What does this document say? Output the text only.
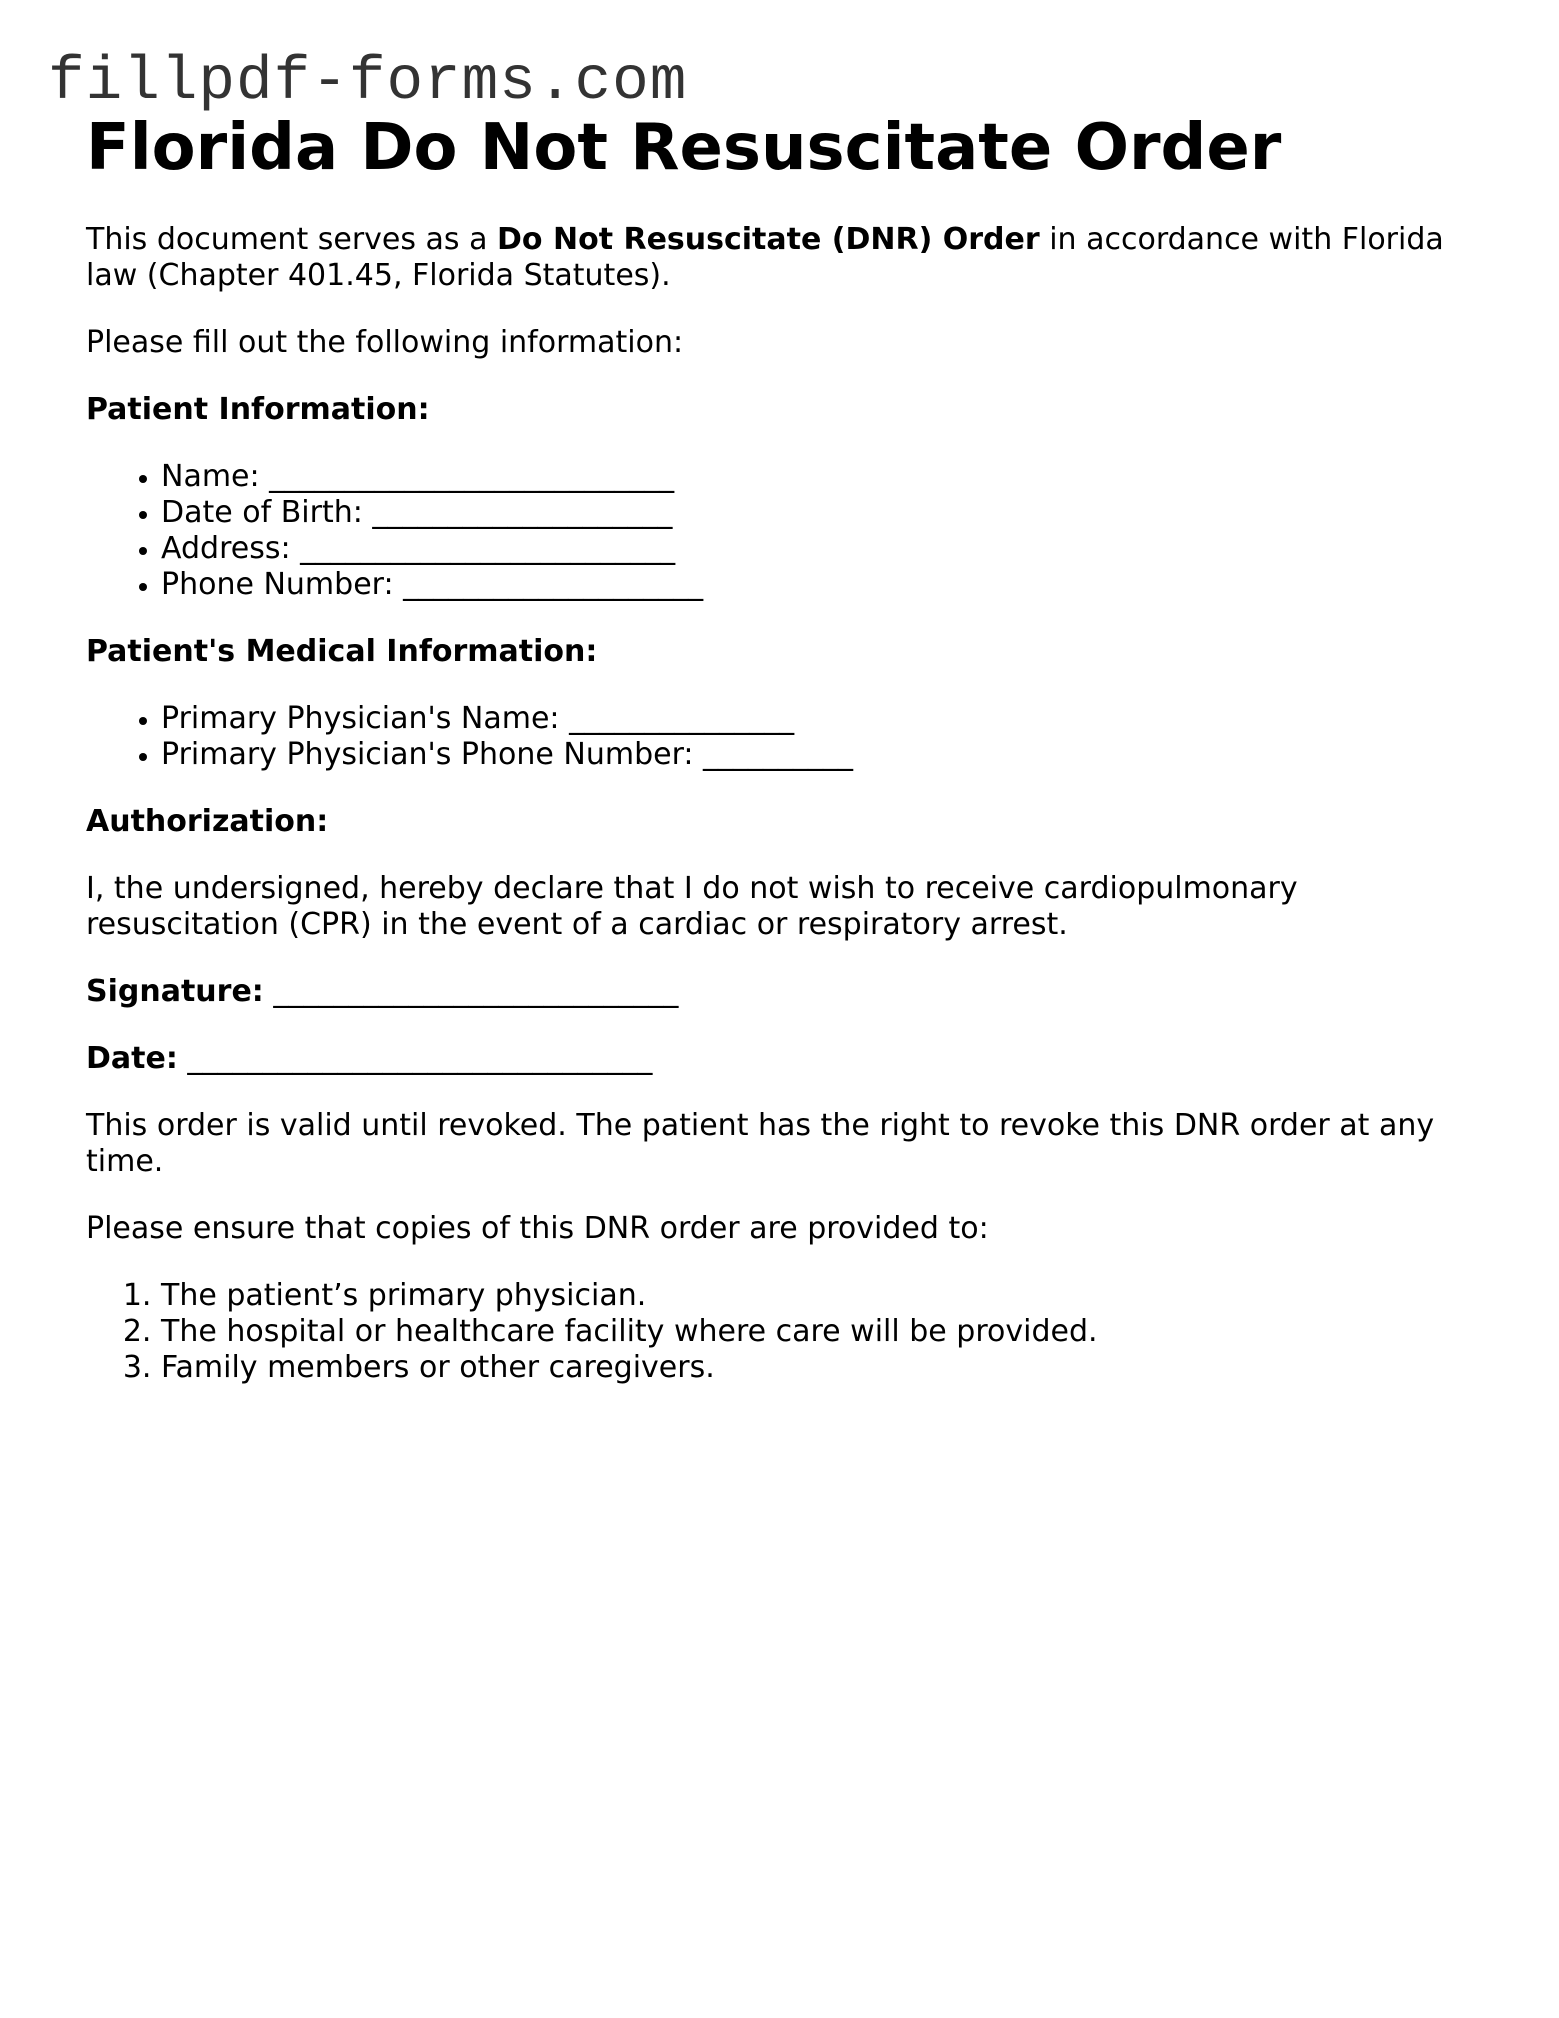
fillpdf-forms.com
Florida Do Not Resuscitate Order

This document serves as a Do Not Resuscitate (DNR) Order in accordance with Florida law (Chapter 401.45, Florida Statutes).

Please fill out the following information:

Patient Information:

• Name: ___________________________
• Date of Birth: ____________________
• Address: _________________________
• Phone Number: ____________________

Patient's Medical Information:

• Primary Physician's Name: _______________
• Primary Physician's Phone Number: __________

Authorization:

I, the undersigned, hereby declare that I do not wish to receive cardiopulmonary resuscitation (CPR) in the event of a cardiac or respiratory arrest.

Signature: ___________________________

Date: _______________________________

This order is valid until revoked. The patient has the right to revoke this DNR order at any time.

Please ensure that copies of this DNR order are provided to:

1. The patient’s primary physician.
2. The hospital or healthcare facility where care will be provided.
3. Family members or other caregivers.
